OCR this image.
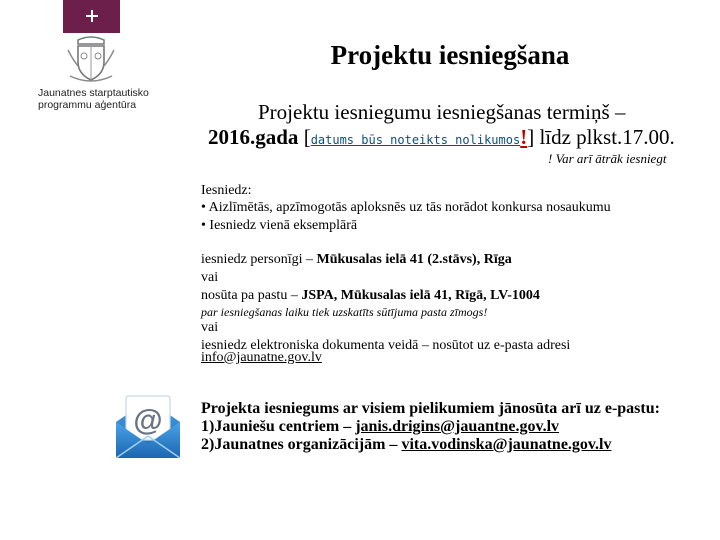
Jaunatnes starptautisko
programmu aģentūra
Projektu iesniegšana
Projektu iesniegumu iesniegšanas termiņš –
2016.gada [datums būs noteikts nolikumos!] līdz plkst.17.00.
! Var arī ātrāk iesniegt
Iesniedz:
• Aizlīmētās, apzīmogotās aploksnēs uz tās norādot konkursa nosaukumu
• Iesniedz vienā eksemplārā
iesniedz personīgi – Mūkusalas ielā 41 (2.stāvs), Rīga
vai
nosūta pa pastu – JSPA, Mūkusalas ielā 41, Rīgā, LV-1004
par iesniegšanas laiku tiek uzskatīts sūtījuma pasta zīmogs!
vai
iesniedz elektroniska dokumenta veidā – nosūtot uz e-pasta adresi
info@jaunatne.gov.lv
@ Projekta iesniegums ar visiem pielikumiem jānosūta arī uz e-pastu:
1)Jauniešu centriem – janis.drigins@jauantne.gov.lv
2)Jaunatnes organizācijām – vita.vodinska@jaunatne.gov.lv
